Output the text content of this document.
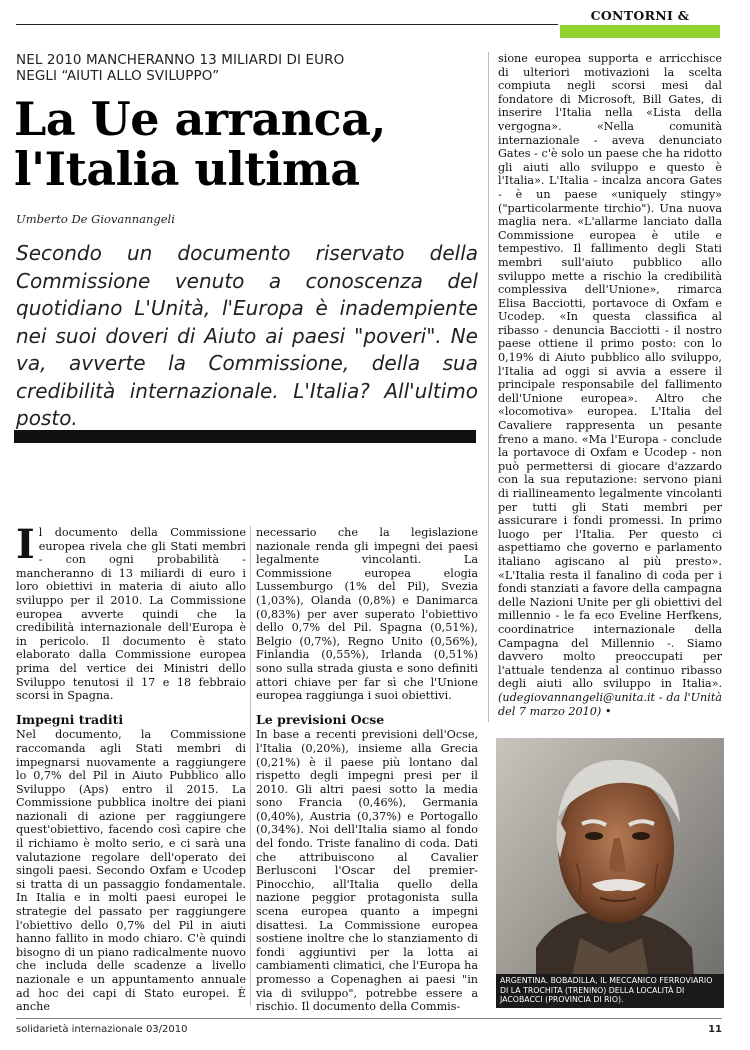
CONTORNI &
NEL 2010 MANCHERANNO 13 MILIARDI DI EURO
NEGLI “AIUTI ALLO SVILUPPO”
La Ue arranca,
l'Italia ultima
Umberto De Giovannangeli
Secondo un documento riservato della Commissione venuto a conoscenza del quotidiano L'Unità, l'Europa è inadempiente nei suoi doveri di Aiuto ai paesi "poveri". Ne va, avverte la Commissione, della sua credibilità internazionale. L'Italia? All'ultimo posto.

Il documento della Commissione europea rivela che gli Stati membri - con ogni probabilità - mancheranno di 13 miliardi di euro i loro obiettivi in materia di aiuto allo sviluppo per il 2010. La Commissione europea avverte quindi che la credibilità internazionale dell'Europa è in pericolo. Il documento è stato elaborato dalla Commissione europea prima del vertice dei Ministri dello Sviluppo tenutosi il 17 e 18 febbraio scorsi in Spagna.

Impegni traditi

Nel documento, la Commissione raccomanda agli Stati membri di impegnarsi nuovamente a raggiungere lo 0,7% del Pil in Aiuto Pubblico allo Sviluppo (Aps) entro il 2015. La Commissione pubblica inoltre dei piani nazionali di azione per raggiungere quest'obiettivo, facendo così capire che il richiamo è molto serio, e ci sarà una valutazione regolare dell'operato dei singoli paesi. Secondo Oxfam e Ucodep si tratta di un passaggio fondamentale. In Italia e in molti paesi europei le strategie del passato per raggiungere l'obiettivo dello 0,7% del Pil in aiuti hanno fallito in modo chiaro. C'è quindi bisogno di un piano radicalmente nuovo che includa delle scadenze a livello nazionale e un appuntamento annuale ad hoc dei capi di Stato europei. È anche

necessario che la legislazione nazionale renda gli impegni dei paesi legalmente vincolanti. La Commissione europea elogia Lussemburgo (1% del Pil), Svezia (1,03%), Olanda (0,8%) e Danimarca (0,83%) per aver superato l'obiettivo dello 0,7% del Pil. Spagna (0,51%), Belgio (0,7%), Regno Unito (0,56%), Finlandia (0,55%), Irlanda (0,51%) sono sulla strada giusta e sono definiti attori chiave per far sì che l'Unione europea raggiunga i suoi obiettivi.

Le previsioni Ocse

In base a recenti previsioni dell'Ocse, l'Italia (0,20%), insieme alla Grecia (0,21%) è il paese più lontano dal rispetto degli impegni presi per il 2010. Gli altri paesi sotto la media sono Francia (0,46%), Germania (0,40%), Austria (0,37%) e Portogallo (0,34%). Noi dell'Italia siamo al fondo del fondo. Triste fanalino di coda. Dati che attribuiscono al Cavalier Berlusconi l'Oscar del premier-Pinocchio, all'Italia quello della nazione peggior protagonista sulla scena europea quanto a impegni disattesi. La Commissione europea sostiene inoltre che lo stanziamento di fondi aggiuntivi per la lotta ai cambiamenti climatici, che l'Europa ha promesso a Copenaghen ai paesi "in via di sviluppo", potrebbe essere a rischio. Il documento della Commis-

sione europea supporta e arricchisce di ulteriori motivazioni la scelta compiuta negli scorsi mesi dal fondatore di Microsoft, Bill Gates, di inserire l'Italia nella «Lista della vergogna». «Nella comunità internazionale - aveva denunciato Gates - c'è solo un paese che ha ridotto gli aiuti allo sviluppo e questo è l'Italia». L'Italia - incalza ancora Gates - è un paese «uniquely stingy» ("particolarmente tirchio"). Una nuova maglia nera. «L'allarme lanciato dalla Commissione europea è utile e tempestivo. Il fallimento degli Stati membri sull'aiuto pubblico allo sviluppo mette a rischio la credibilità complessiva dell'Unione», rimarca Elisa Bacciotti, portavoce di Oxfam e Ucodep. «In questa classifica al ribasso - denuncia Bacciotti - il nostro paese ottiene il primo posto: con lo 0,19% di Aiuto pubblico allo sviluppo, l'Italia ad oggi si avvia a essere il principale responsabile del fallimento dell'Unione europea». Altro che «locomotiva» europea. L'Italia del Cavaliere rappresenta un pesante freno a mano. «Ma l'Europa - conclude la portavoce di Oxfam e Ucodep - non può permettersi di giocare d'azzardo con la sua reputazione: servono piani di riallineamento legalmente vincolanti per tutti gli Stati membri per assicurare i fondi promessi. In primo luogo per l'Italia. Per questo ci aspettiamo che governo e parlamento italiano agiscano al più presto». «L'Italia resta il fanalino di coda per i fondi stanziati a favore della campagna delle Nazioni Unite per gli obiettivi del millennio - le fa eco Eveline Herfkens, coordinatrice internazionale della Campagna del Millennio -. Siamo davvero molto preoccupati per l'attuale tendenza al continuo ribasso degli aiuti allo sviluppo in Italia». (udegiovannangeli@unita.it - da l'Unità del 7 marzo 2010) •

ARGENTINA. BOBADILLA, IL MECCANICO FERROVIARIO DI LA TROCHITA (TRENINO) DELLA LOCALITÀ DI JACOBACCI (PROVINCIA DI RIO).
solidarietà internazionale 03/2010	11
